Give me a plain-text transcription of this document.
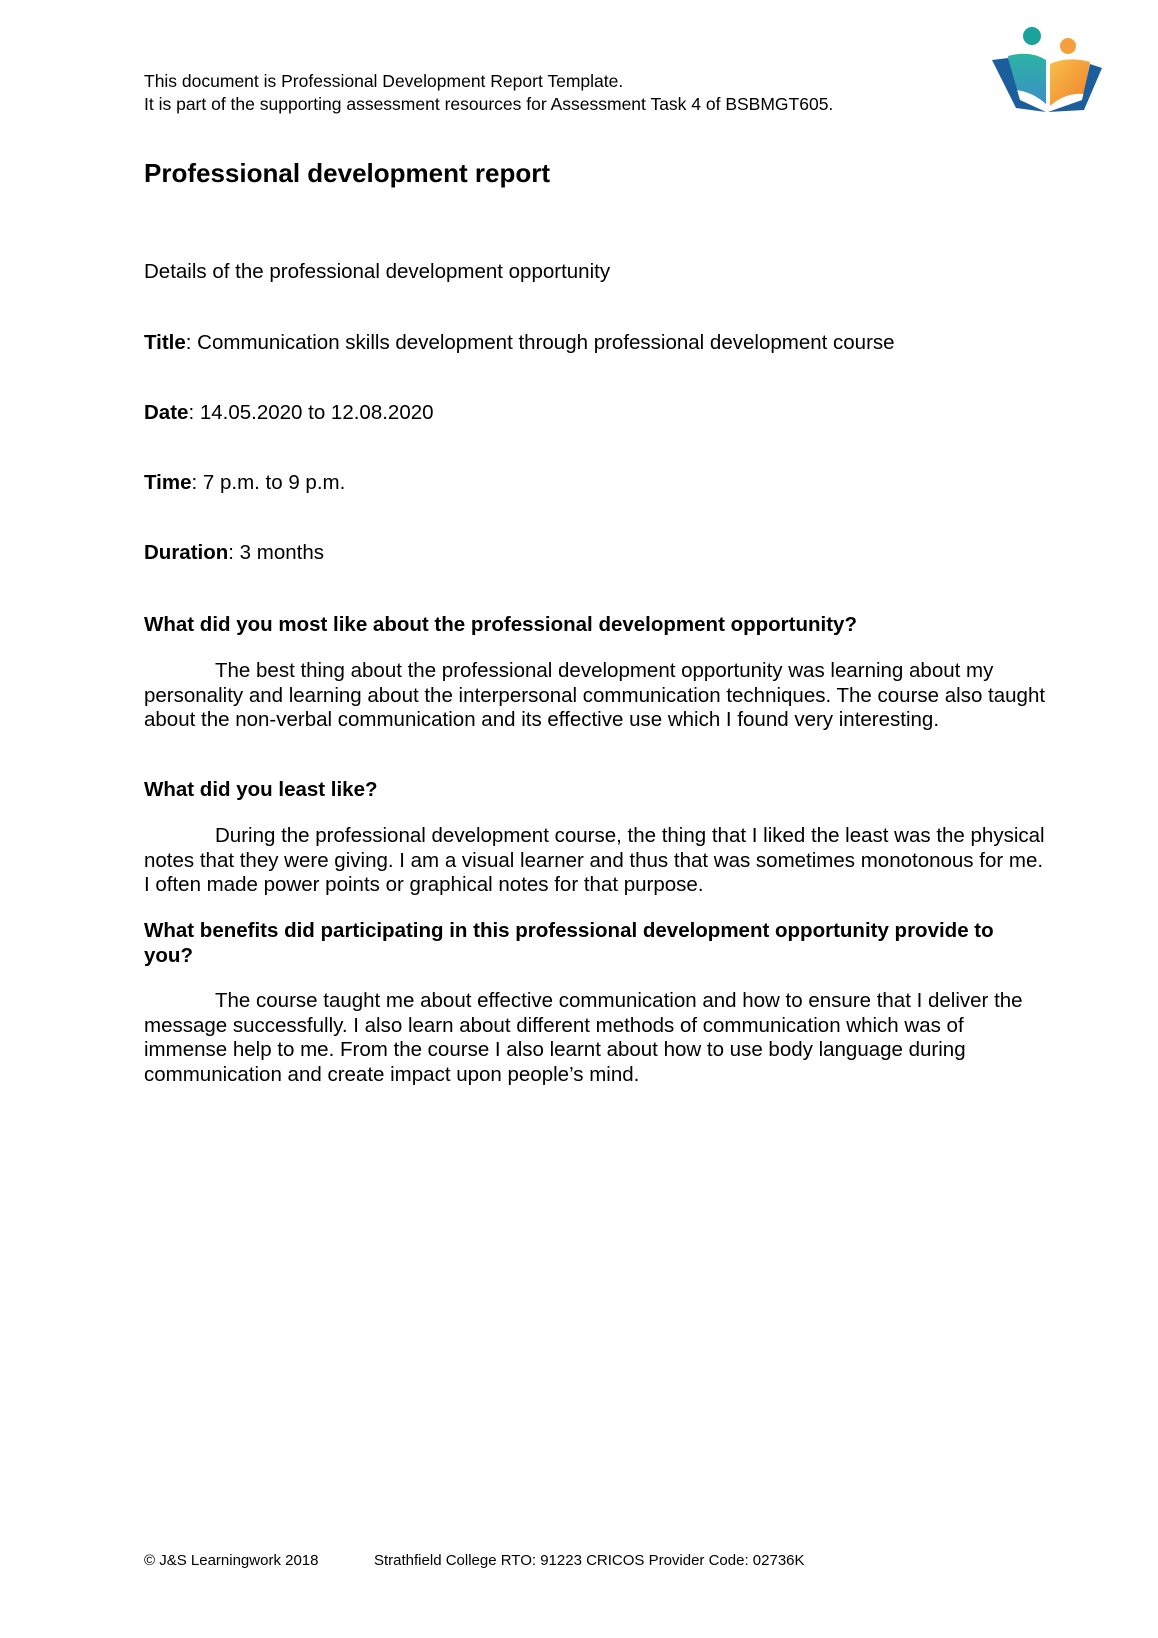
This document is Professional Development Report Template.
It is part of the supporting assessment resources for Assessment Task 4 of BSBMGT605.
Professional development report

Details of the professional development opportunity

Title: Communication skills development through professional development course

Date: 14.05.2020 to 12.08.2020

Time: 7 p.m. to 9 p.m.

Duration: 3 months

What did you most like about the professional development opportunity?

The best thing about the professional development opportunity was learning about my personality and learning about the interpersonal communication techniques. The course also taught about the non-verbal communication and its effective use which I found very interesting.

What did you least like?

During the professional development course, the thing that I liked the least was the physical notes that they were giving. I am a visual learner and thus that was sometimes monotonous for me. I often made power points or graphical notes for that purpose.

What benefits did participating in this professional development opportunity provide to you?

The course taught me about effective communication and how to ensure that I deliver the message successfully. I also learn about different methods of communication which was of immense help to me. From the course I also learnt about how to use body language during communication and create impact upon people’s mind.

© J&S Learningwork 2018	Strathfield College RTO: 91223 CRICOS Provider Code: 02736K
